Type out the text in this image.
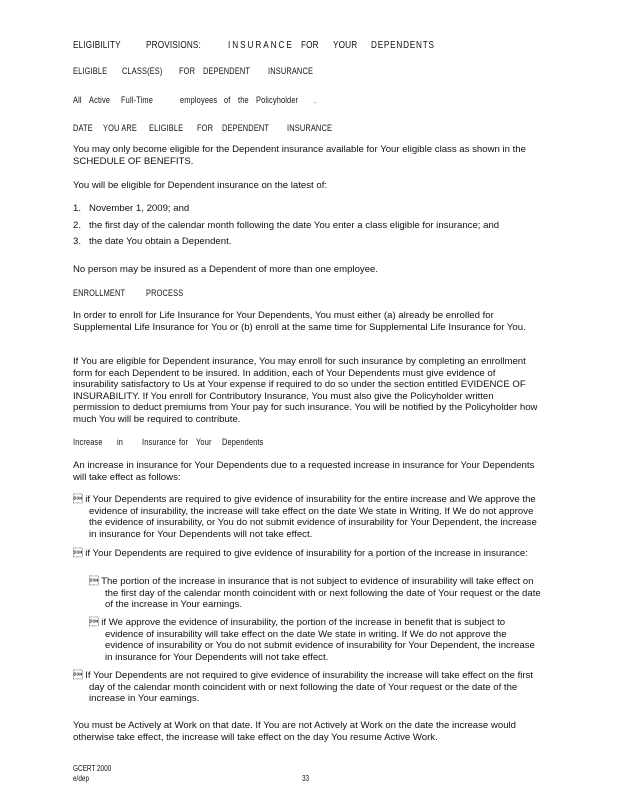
ELIGIBILITY PROVISIONS:	INSURANCE FOR YOUR DEPENDENTS
ELIGIBLE CLASS(ES) FOR DEPENDENT INSURANCE
All Active Full-Time	employees of the Policyholder .
DATE YOU ARE ELIGIBLE FOR DEPENDENT INSURANCE
You may only become eligible for the Dependent insurance available for Your eligible class as shown in the SCHEDULE OF BENEFITS.
You will be eligible for Dependent insurance on the latest of:
1. November 1, 2009; and
2. the first day of the calendar month following the date You enter a class eligible for insurance; and
3. the date You obtain a Dependent.
No person may be insured as a Dependent of more than one employee.
ENROLLMENT PROCESS
In order to enroll for Life Insurance for Your Dependents, You must either (a) already be enrolled for Supplemental Life Insurance for You or (b) enroll at the same time for Supplemental Life Insurance for You.
If You are eligible for Dependent insurance, You may enroll for such insurance by completing an enrollment form for each Dependent to be insured. In addition, each of Your Dependents must give evidence of insurability satisfactory to Us at Your expense if required to do so under the section entitled EVIDENCE OF INSURABILITY. If You enroll for Contributory Insurance, You must also give the Policyholder written permission to deduct premiums from Your pay for such insurance. You will be notified by the Policyholder how much You will be required to contribute.
Increase in Insurance for Your Dependents
An increase in insurance for Your Dependents due to a requested increase in insurance for Your Dependents will take effect as follows:
 if Your Dependents are required to give evidence of insurability for the entire increase and We approve the evidence of insurability, the increase will take effect on the date We state in Writing. If We do not approve the evidence of insurability, or You do not submit evidence of insurability for Your Dependent, the increase in insurance for Your Dependents will not take effect.
 if Your Dependents are required to give evidence of insurability for a portion of the increase in insurance:
 The portion of the increase in insurance that is not subject to evidence of insurability will take effect on the first day of the calendar month coincident with or next following the date of Your request or the date of the increase in Your earnings.
 if We approve the evidence of insurability, the portion of the increase in benefit that is subject to evidence of insurability will take effect on the date We state in writing. If We do not approve the evidence of insurability or You do not submit evidence of insurability for Your Dependent, the increase in insurance for Your Dependents will not take effect.
 If Your Dependents are not required to give evidence of insurability the increase will take effect on the first day of the calendar month coincident with or next following the date of Your request or the date of the increase in Your earnings.
You must be Actively at Work on that date. If You are not Actively at Work on the date the increase would otherwise take effect, the increase will take effect on the day You resume Active Work.
GCERT 2000
e/dep	33
